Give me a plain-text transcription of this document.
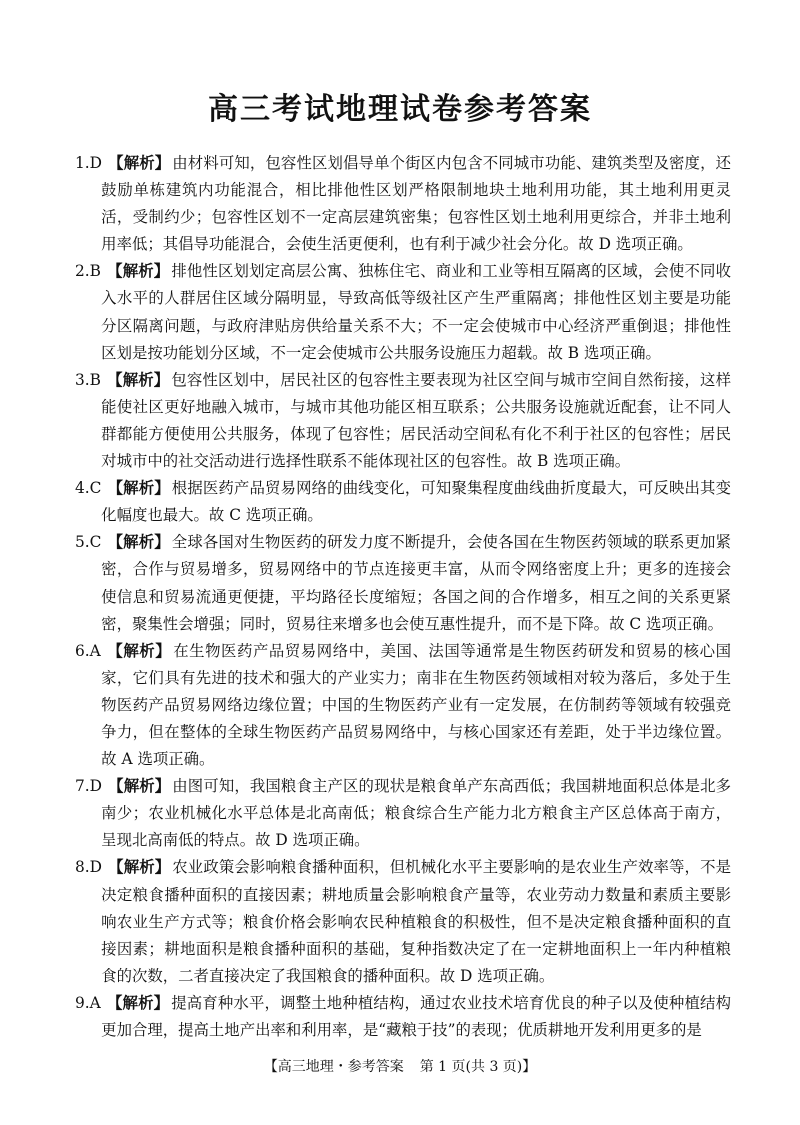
高三考试地理试卷参考答案
1.D 【解析】 由材料可知，包容性区划倡导单个街区内包含不同城市功能、建筑类型及密度，还鼓励单栋建筑内功能混合，相比排他性区划严格限制地块土地利用功能，其土地利用更灵活，受制约少；包容性区划不一定高层建筑密集；包容性区划土地利用更综合，并非土地利用率低；其倡导功能混合，会使生活更便利，也有利于减少社会分化。故 D 选项正确。
2.B 【解析】 排他性区划划定高层公寓、独栋住宅、商业和工业等相互隔离的区域，会使不同收入水平的人群居住区域分隔明显，导致高低等级社区产生严重隔离；排他性区划主要是功能分区隔离问题，与政府津贴房供给量关系不大；不一定会使城市中心经济严重倒退；排他性区划是按功能划分区域，不一定会使城市公共服务设施压力超载。故 B 选项正确。
3.B 【解析】 包容性区划中，居民社区的包容性主要表现为社区空间与城市空间自然衔接，这样能使社区更好地融入城市，与城市其他功能区相互联系；公共服务设施就近配套，让不同人群都能方便使用公共服务，体现了包容性；居民活动空间私有化不利于社区的包容性；居民对城市中的社交活动进行选择性联系不能体现社区的包容性。故 B 选项正确。
4.C 【解析】 根据医药产品贸易网络的曲线变化，可知聚集程度曲线曲折度最大，可反映出其变化幅度也最大。故 C 选项正确。
5.C 【解析】 全球各国对生物医药的研发力度不断提升，会使各国在生物医药领域的联系更加紧密，合作与贸易增多，贸易网络中的节点连接更丰富，从而令网络密度上升；更多的连接会使信息和贸易流通更便捷，平均路径长度缩短；各国之间的合作增多，相互之间的关系更紧密，聚集性会增强；同时，贸易往来增多也会使互惠性提升，而不是下降。故 C 选项正确。
6.A 【解析】 在生物医药产品贸易网络中，美国、法国等通常是生物医药研发和贸易的核心国家，它们具有先进的技术和强大的产业实力；南非在生物医药领域相对较为落后，多处于生物医药产品贸易网络边缘位置；中国的生物医药产业有一定发展，在仿制药等领域有较强竞争力，但在整体的全球生物医药产品贸易网络中，与核心国家还有差距，处于半边缘位置。故 A 选项正确。
7.D 【解析】 由图可知，我国粮食主产区的现状是粮食单产东高西低；我国耕地面积总体是北多南少；农业机械化水平总体是北高南低；粮食综合生产能力北方粮食主产区总体高于南方，呈现北高南低的特点。故 D 选项正确。
8.D 【解析】 农业政策会影响粮食播种面积，但机械化水平主要影响的是农业生产效率等，不是决定粮食播种面积的直接因素；耕地质量会影响粮食产量等，农业劳动力数量和素质主要影响农业生产方式等；粮食价格会影响农民种植粮食的积极性，但不是决定粮食播种面积的直接因素；耕地面积是粮食播种面积的基础，复种指数决定了在一定耕地面积上一年内种植粮食的次数，二者直接决定了我国粮食的播种面积。故 D 选项正确。
9.A 【解析】 提高育种水平，调整土地种植结构，通过农业技术培育优良的种子以及使种植结构更加合理，提高土地产出率和利用率，是“藏粮于技”的表现；优质耕地开发利用更多的是
【高三地理・参考答案 第 1 页(共 3 页)】
